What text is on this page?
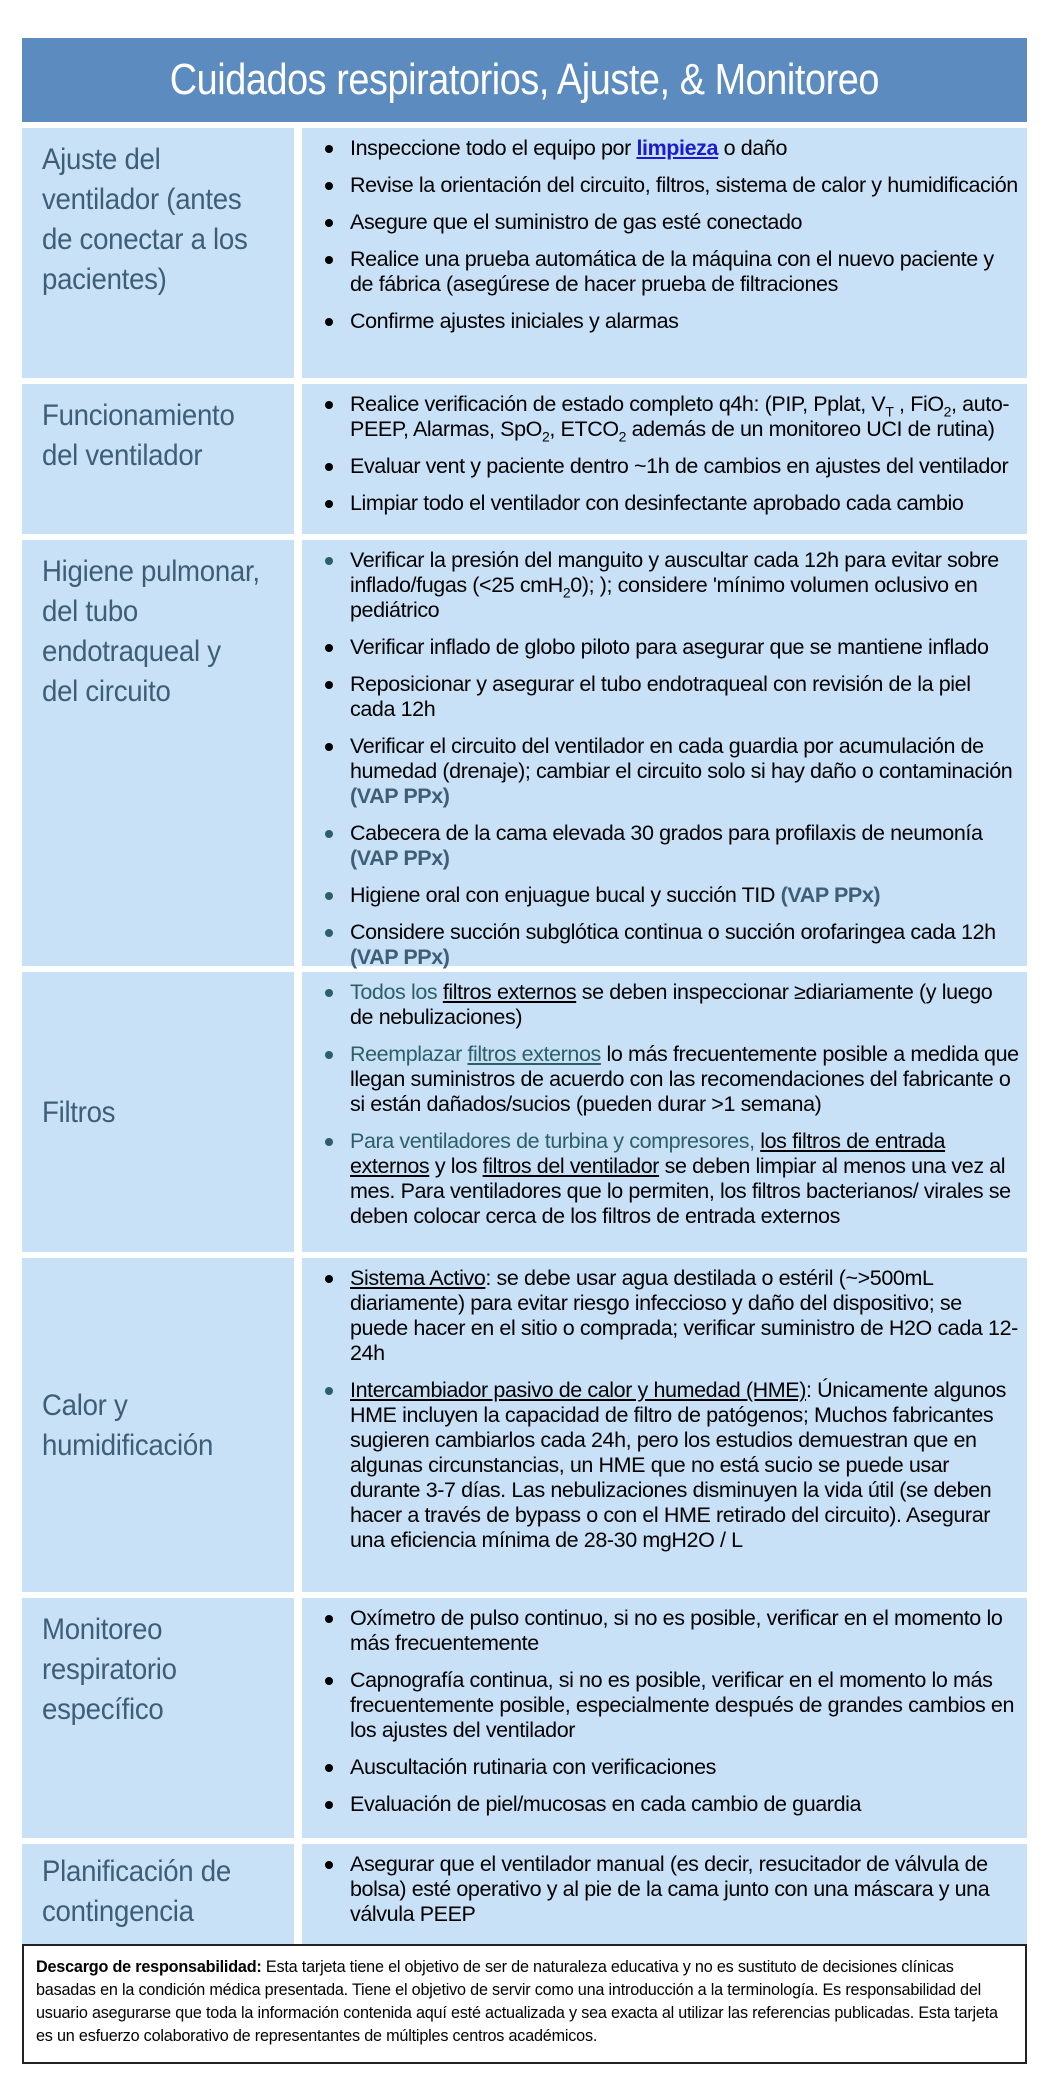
Cuidados respiratorios, Ajuste, & Monitoreo
Ajuste del ventilador (antes de conectar a los pacientes)
Inspeccione todo el equipo por limpieza o daño
Revise la orientación del circuito, filtros, sistema de calor y humidificación
Asegure que el suministro de gas esté conectado
Realice una prueba automática de la máquina con el nuevo paciente y de fábrica (asegúrese de hacer prueba de filtraciones
Confirme ajustes iniciales y alarmas
Funcionamiento del ventilador
Realice verificación de estado completo q4h: (PIP, Pplat, $V_T$ , FiO$_2$, auto-PEEP, Alarmas, SpO$_2$, $ETCO_2$ además de un monitoreo UCI de rutina)
Evaluar vent y paciente dentro ~1h de cambios en ajustes del ventilador
Limpiar todo el ventilador con desinfectante aprobado cada cambio
Higiene pulmonar, del tubo endotraqueal y del circuito
Verificar la presión del manguito y auscultar cada 12h para evitar sobre inflado/fugas (<25 cmH$_2$0); ); considere 'mínimo volumen oclusivo en pediátrico
Verificar inflado de globo piloto para asegurar que se mantiene inflado
Reposicionar y asegurar el tubo endotraqueal con revisión de la piel cada 12h
Verificar el circuito del ventilador en cada guardia por acumulación de humedad (drenaje); cambiar el circuito solo si hay daño o contaminación (VAP PPx)
Cabecera de la cama elevada 30 grados para profilaxis de neumonía (VAP PPx)
Higiene oral con enjuague bucal y succión TID (VAP PPx)
Considere succión subglótica continua o succión orofaringea cada 12h (VAP PPx)
Filtros
Todos los filtros externos se deben inspeccionar ≥diariamente (y luego de nebulizaciones)
Reemplazar filtros externos lo más frecuentemente posible a medida que llegan suministros de acuerdo con las recomendaciones del fabricante o si están dañados/sucios (pueden durar >1 semana)
Para ventiladores de turbina y compresores, los filtros de entrada externos y los filtros del ventilador se deben limpiar al menos una vez al mes. Para ventiladores que lo permiten, los filtros bacterianos/ virales se deben colocar cerca de los filtros de entrada externos
Calor y humidificación
Sistema Activo: se debe usar agua destilada o estéril (~>500mL diariamente) para evitar riesgo infeccioso y daño del dispositivo; se puede hacer en el sitio o comprada; verificar suministro de H2O cada 12-24h
Intercambiador pasivo de calor y humedad (HME): Únicamente algunos HME incluyen la capacidad de filtro de patógenos; Muchos fabricantes sugieren cambiarlos cada 24h, pero los estudios demuestran que en algunas circunstancias, un HME que no está sucio se puede usar durante 3-7 días. Las nebulizaciones disminuyen la vida útil (se deben hacer a través de bypass o con el HME retirado del circuito). Asegurar una eficiencia mínima de 28-30 mgH2O / L
Monitoreo respiratorio específico
Oxímetro de pulso continuo, si no es posible, verificar en el momento lo más frecuentemente
Capnografía continua, si no es posible, verificar en el momento lo más frecuentemente posible, especialmente después de grandes cambios en los ajustes del ventilador
Auscultación rutinaria con verificaciones
Evaluación de piel/mucosas en cada cambio de guardia
Planificación de contingencia
Asegurar que el ventilador manual (es decir, resucitador de válvula de bolsa) esté operativo y al pie de la cama junto con una máscara y una válvula PEEP
Descargo de responsabilidad: Esta tarjeta tiene el objetivo de ser de naturaleza educativa y no es sustituto de decisiones clínicas basadas en la condición médica presentada. Tiene el objetivo de servir como una introducción a la terminología. Es responsabilidad del usuario asegurarse que toda la información contenida aquí esté actualizada y sea exacta al utilizar las referencias publicadas. Esta tarjeta es un esfuerzo colaborativo de representantes de múltiples centros académicos.
